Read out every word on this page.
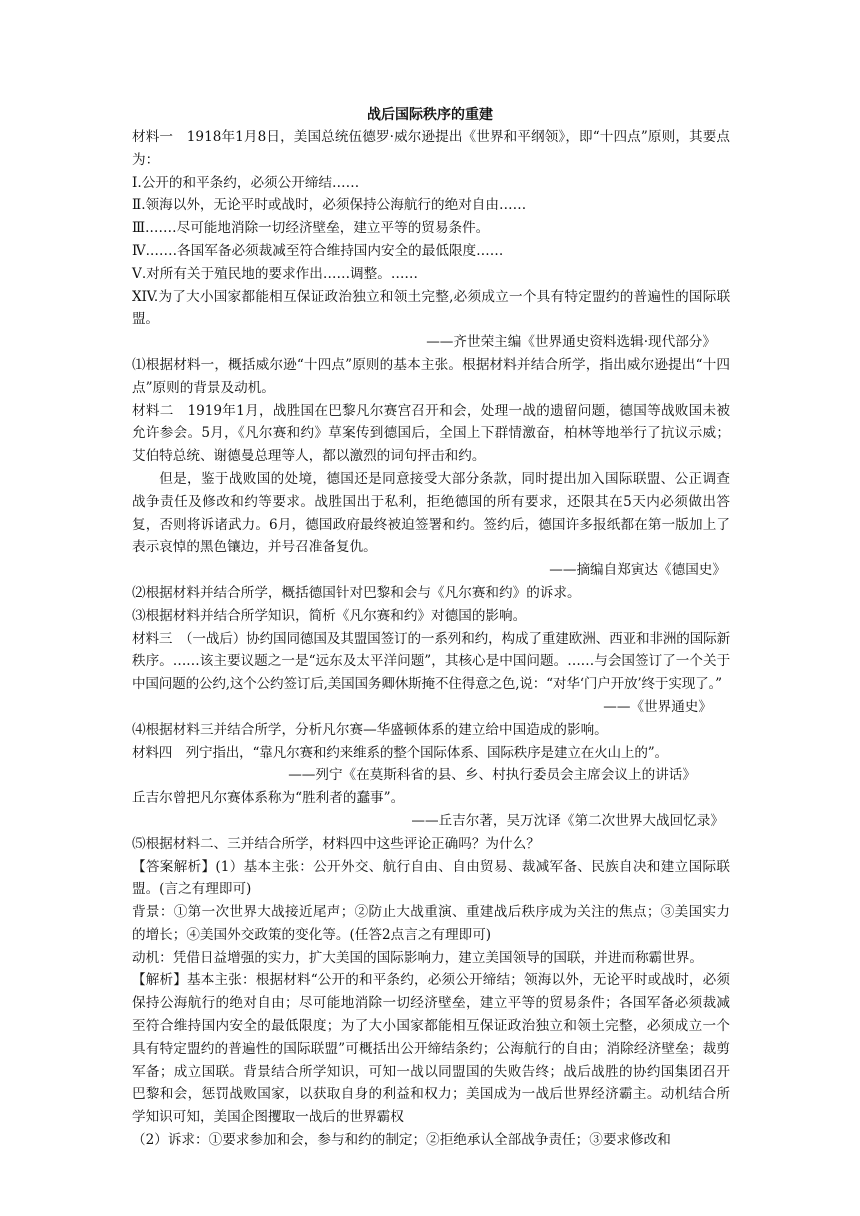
战后国际秩序的重建

材料一　1918年1月8日，美国总统伍德罗·威尔逊提出《世界和平纲领》，即“十四点”原则，其要点为：

Ⅰ.公开的和平条约，必须公开缔结……

Ⅱ.领海以外，无论平时或战时，必须保持公海航行的绝对自由……

Ⅲ.……尽可能地消除一切经济壁垒，建立平等的贸易条件。

Ⅳ.……各国军备必须裁减至符合维持国内安全的最低限度……

Ⅴ.对所有关于殖民地的要求作出……调整。……

XIV.为了大小国家都能相互保证政治独立和领土完整,必须成立一个具有特定盟约的普遍性的国际联盟。

——齐世荣主编《世界通史资料选辑·现代部分》

⑴根据材料一，概括威尔逊“十四点”原则的基本主张。根据材料并结合所学，指出威尔逊提出“十四点”原则的背景及动机。

材料二　1919年1月，战胜国在巴黎凡尔赛宫召开和会，处理一战的遗留问题，德国等战败国未被允许参会。5月，《凡尔赛和约》草案传到德国后，全国上下群情激奋，柏林等地举行了抗议示威；艾伯特总统、谢德曼总理等人，都以激烈的词句抨击和约。

但是，鉴于战败国的处境，德国还是同意接受大部分条款，同时提出加入国际联盟、公正调查战争责任及修改和约等要求。战胜国出于私利，拒绝德国的所有要求，还限其在5天内必须做出答复，否则将诉诸武力。6月，德国政府最终被迫签署和约。签约后，德国许多报纸都在第一版加上了表示哀悼的黑色镶边，并号召准备复仇。

——摘编自郑寅达《德国史》

⑵根据材料并结合所学，概括德国针对巴黎和会与《凡尔赛和约》的诉求。

⑶根据材料并结合所学知识，简析《凡尔赛和约》对德国的影响。

材料三　（一战后）协约国同德国及其盟国签订的一系列和约，构成了重建欧洲、西亚和非洲的国际新秩序。……该主要议题之一是“远东及太平洋问题”，其核心是中国问题。……与会国签订了一个关于中国问题的公约,这个公约签订后,美国国务卿休斯掩不住得意之色,说：“对华‘门户开放’终于实现了。”

——《世界通史》

⑷根据材料三并结合所学，分析凡尔赛—华盛顿体系的建立给中国造成的影响。

材料四　列宁指出，“靠凡尔赛和约来维系的整个国际体系、国际秩序是建立在火山上的”。

——列宁《在莫斯科省的县、乡、村执行委员会主席会议上的讲话》

丘吉尔曾把凡尔赛体系称为“胜利者的蠢事”。

——丘吉尔著，吴万沈译《第二次世界大战回忆录》

⑸根据材料二、三并结合所学，材料四中这些评论正确吗？为什么？

【答案解析】(1）基本主张：公开外交、航行自由、自由贸易、裁减军备、民族自决和建立国际联盟。(言之有理即可)

背景：①第一次世界大战接近尾声；②防止大战重演、重建战后秩序成为关注的焦点；③美国实力的增长；④美国外交政策的变化等。(任答2点言之有理即可)

动机：凭借日益增强的实力，扩大美国的国际影响力，建立美国领导的国联，并进而称霸世界。

【解析】基本主张：根据材料“公开的和平条约，必须公开缔结；领海以外，无论平时或战时，必须保持公海航行的绝对自由；尽可能地消除一切经济壁垒，建立平等的贸易条件；各国军备必须裁减至符合维持国内安全的最低限度；为了大小国家都能相互保证政治独立和领土完整，必须成立一个具有特定盟约的普遍性的国际联盟”可概括出公开缔结条约；公海航行的自由；消除经济壁垒；裁剪军备；成立国联。背景结合所学知识，可知一战以同盟国的失败告终；战后战胜的协约国集团召开巴黎和会，惩罚战败国家，以获取自身的利益和权力；美国成为一战后世界经济霸主。动机结合所学知识可知，美国企图攫取一战后的世界霸权

（2）诉求：①要求参加和会，参与和约的制定；②拒绝承认全部战争责任；③要求修改和
